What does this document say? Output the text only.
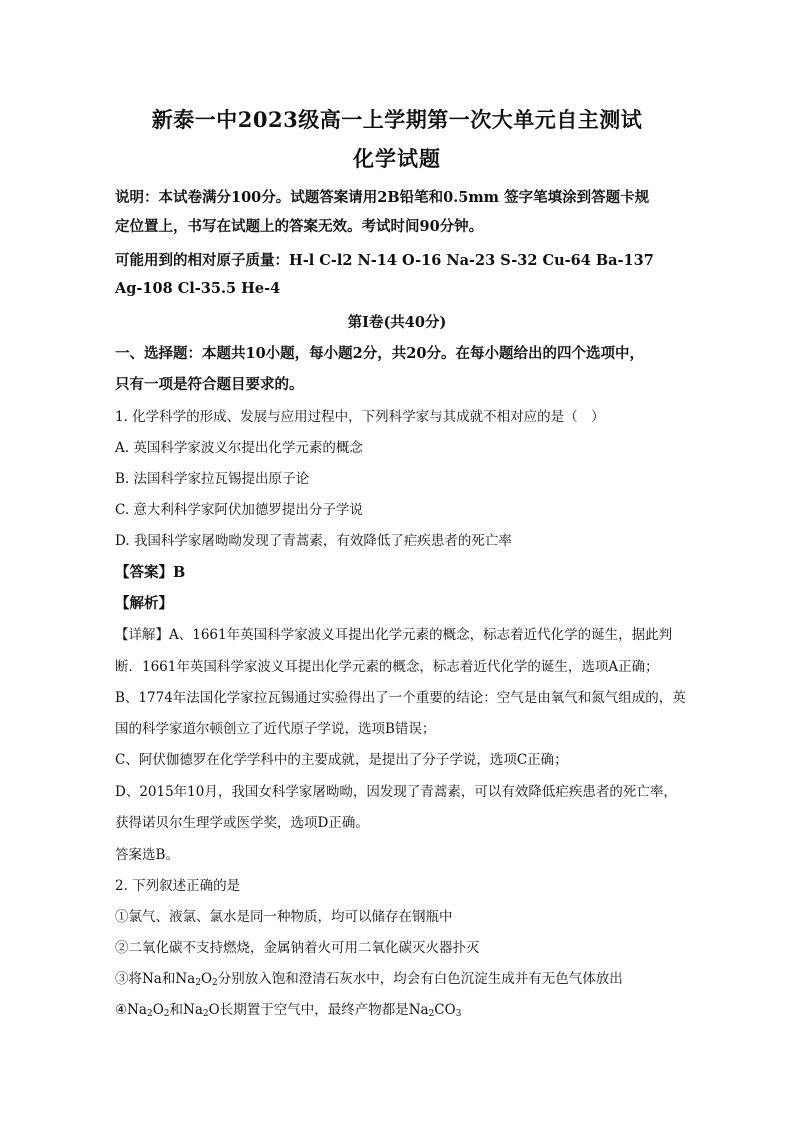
新泰一中2023级高一上学期第一次大单元自主测试
化学试题
说明：本试卷满分100分。试题答案请用2B铅笔和0.5mm 签字笔填涂到答题卡规
定位置上，书写在试题上的答案无效。考试时间90分钟。
可能用到的相对原子质量：H-l C-l2 N-14 O-16 Na-23 S-32 Cu-64 Ba-137
Ag-108 Cl-35.5 He-4
第Ⅰ卷(共40分)
一、选择题：本题共10小题，每小题2分，共20分。在每小题给出的四个选项中，
只有一项是符合题目要求的。
1. 化学科学的形成、发展与应用过程中，下列科学家与其成就不相对应的是（　）
A. 英国科学家波义尔提出化学元素的概念
B. 法国科学家拉瓦锡提出原子论
C. 意大利科学家阿伏加德罗提出分子学说
D. 我国科学家屠呦呦发现了青蒿素，有效降低了疟疾患者的死亡率
【答案】B
【解析】
【详解】A、1661年英国科学家波义耳提出化学元素的概念，标志着近代化学的诞生，据此判
断．1661年英国科学家波义耳提出化学元素的概念，标志着近代化学的诞生，选项A正确；
B、1774年法国化学家拉瓦锡通过实验得出了一个重要的结论：空气是由氧气和氮气组成的，英
国的科学家道尔顿创立了近代原子学说，选项B错误；
C、阿伏伽德罗在化学学科中的主要成就，是提出了分子学说，选项C正确；
D、2015年10月，我国女科学家屠呦呦，因发现了青蒿素，可以有效降低疟疾患者的死亡率，
获得诺贝尔生理学或医学奖，选项D正确。
答案选B。
2. 下列叙述正确的是
①氯气、液氯、氯水是同一种物质，均可以储存在钢瓶中
②二氧化碳不支持燃烧，金属钠着火可用二氧化碳灭火器扑灭
③将Na和$Na_2O_2$分别放入饱和澄清石灰水中，均会有白色沉淀生成并有无色气体放出
$④Na_2O_2$和$Na_2O$长期置于空气中，最终产物都是$Na_2CO_3$
